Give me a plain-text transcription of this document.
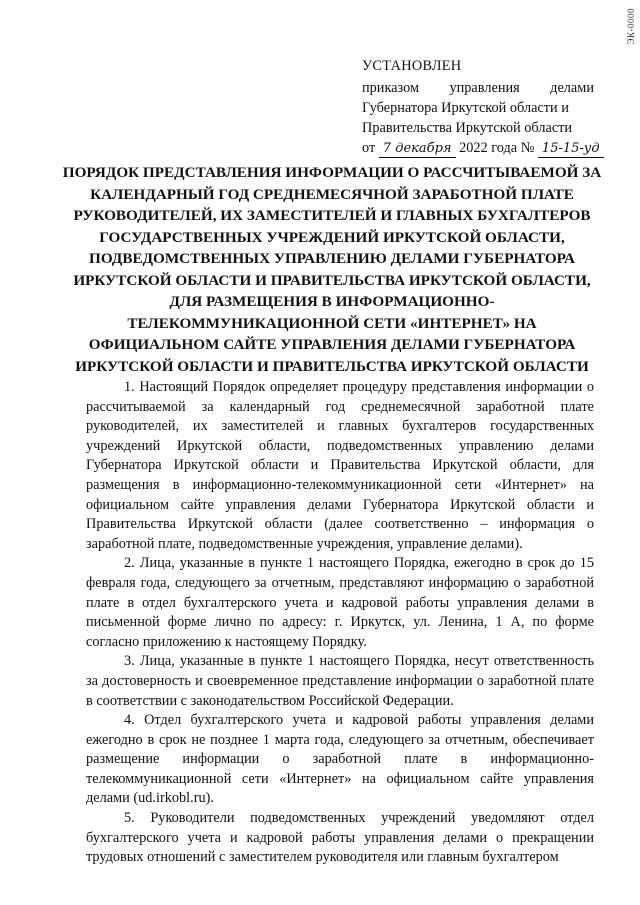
ЭК-0000
УСТАНОВЛЕН
приказом управления делами
Губернатора Иркутской области и
Правительства Иркутской области
от 7 декабря 2022 года № 15-15-уд
ПОРЯДОК ПРЕДСТАВЛЕНИЯ ИНФОРМАЦИИ О РАССЧИТЫВАЕМОЙ ЗА КАЛЕНДАРНЫЙ ГОД СРЕДНЕМЕСЯЧНОЙ ЗАРАБОТНОЙ ПЛАТЕ РУКОВОДИТЕЛЕЙ, ИХ ЗАМЕСТИТЕЛЕЙ И ГЛАВНЫХ БУХГАЛТЕРОВ ГОСУДАРСТВЕННЫХ УЧРЕЖДЕНИЙ ИРКУТСКОЙ ОБЛАСТИ, ПОДВЕДОМСТВЕННЫХ УПРАВЛЕНИЮ ДЕЛАМИ ГУБЕРНАТОРА ИРКУТСКОЙ ОБЛАСТИ И ПРАВИТЕЛЬСТВА ИРКУТСКОЙ ОБЛАСТИ, ДЛЯ РАЗМЕЩЕНИЯ В ИНФОРМАЦИОННО-ТЕЛЕКОММУНИКАЦИОННОЙ СЕТИ «ИНТЕРНЕТ» НА ОФИЦИАЛЬНОМ САЙТЕ УПРАВЛЕНИЯ ДЕЛАМИ ГУБЕРНАТОРА ИРКУТСКОЙ ОБЛАСТИ И ПРАВИТЕЛЬСТВА ИРКУТСКОЙ ОБЛАСТИ

1. Настоящий Порядок определяет процедуру представления информации о рассчитываемой за календарный год среднемесячной заработной плате руководителей, их заместителей и главных бухгалтеров государственных учреждений Иркутской области, подведомственных управлению делами Губернатора Иркутской области и Правительства Иркутской области, для размещения в информационно-телекоммуникационной сети «Интернет» на официальном сайте управления делами Губернатора Иркутской области и Правительства Иркутской области (далее соответственно – информация о заработной плате, подведомственные учреждения, управление делами).

2. Лица, указанные в пункте 1 настоящего Порядка, ежегодно в срок до 15 февраля года, следующего за отчетным, представляют информацию о заработной плате в отдел бухгалтерского учета и кадровой работы управления делами в письменной форме лично по адресу: г. Иркутск, ул. Ленина, 1 А, по форме согласно приложению к настоящему Порядку.

3. Лица, указанные в пункте 1 настоящего Порядка, несут ответственность за достоверность и своевременное представление информации о заработной плате в соответствии с законодательством Российской Федерации.

4. Отдел бухгалтерского учета и кадровой работы управления делами ежегодно в срок не позднее 1 марта года, следующего за отчетным, обеспечивает размещение информации о заработной плате в информационно-телекоммуникационной сети «Интернет» на официальном сайте управления делами (ud.irkobl.ru).

5. Руководители подведомственных учреждений уведомляют отдел бухгалтерского учета и кадровой работы управления делами о прекращении трудовых отношений с заместителем руководителя или главным бухгалтером
